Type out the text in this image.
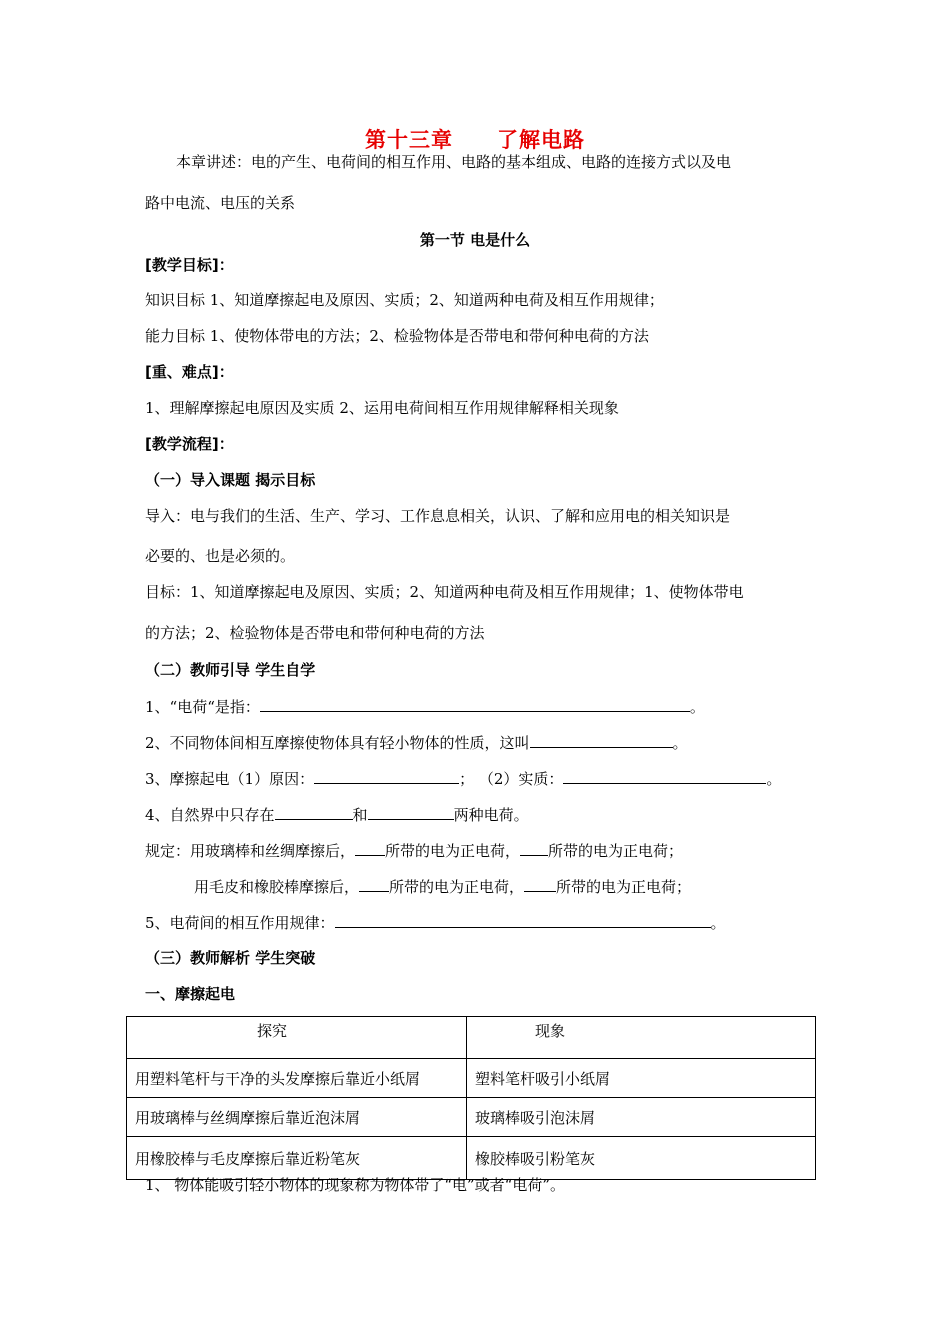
第十三章 了解电路
本章讲述：电的产生、电荷间的相互作用、电路的基本组成、电路的连接方式以及电
路中电流、电压的关系
第一节 电是什么
[教学目标]：
知识目标 1、知道摩擦起电及原因、实质；2、知道两种电荷及相互作用规律；
能力目标 1、使物体带电的方法；2、检验物体是否带电和带何种电荷的方法
[重、难点]：
1、理解摩擦起电原因及实质 2、运用电荷间相互作用规律解释相关现象
[教学流程]：
（一）导入课题 揭示目标
导入：电与我们的生活、生产、学习、工作息息相关，认识、了解和应用电的相关知识是
必要的、也是必须的。
目标：1、知道摩擦起电及原因、实质；2、知道两种电荷及相互作用规律；1、使物体带电
的方法；2、检验物体是否带电和带何种电荷的方法
（二）教师引导 学生自学
1、“电荷“是指：	。
2、不同物体间相互摩擦使物体具有轻小物体的性质，这叫	。
3、摩擦起电（1）原因：	； （2）实质：	。
4、自然界中只存在	和	两种电荷。
规定：用玻璃棒和丝绸摩擦后， 所带的电为正电荷， 所带的电为正电荷；
用毛皮和橡胶棒摩擦后， 所带的电为正电荷， 所带的电为正电荷；
5、电荷间的相互作用规律：	。
（三）教师解析 学生突破
一、摩擦起电
探究	现象
用塑料笔杆与干净的头发摩擦后靠近小纸屑	塑料笔杆吸引小纸屑
用玻璃棒与丝绸摩擦后靠近泡沫屑	玻璃棒吸引泡沫屑
用橡胶棒与毛皮摩擦后靠近粉笔灰	橡胶棒吸引粉笔灰
1、 物体能吸引轻小物体的现象称为物体带了“电”或者“电荷”。
